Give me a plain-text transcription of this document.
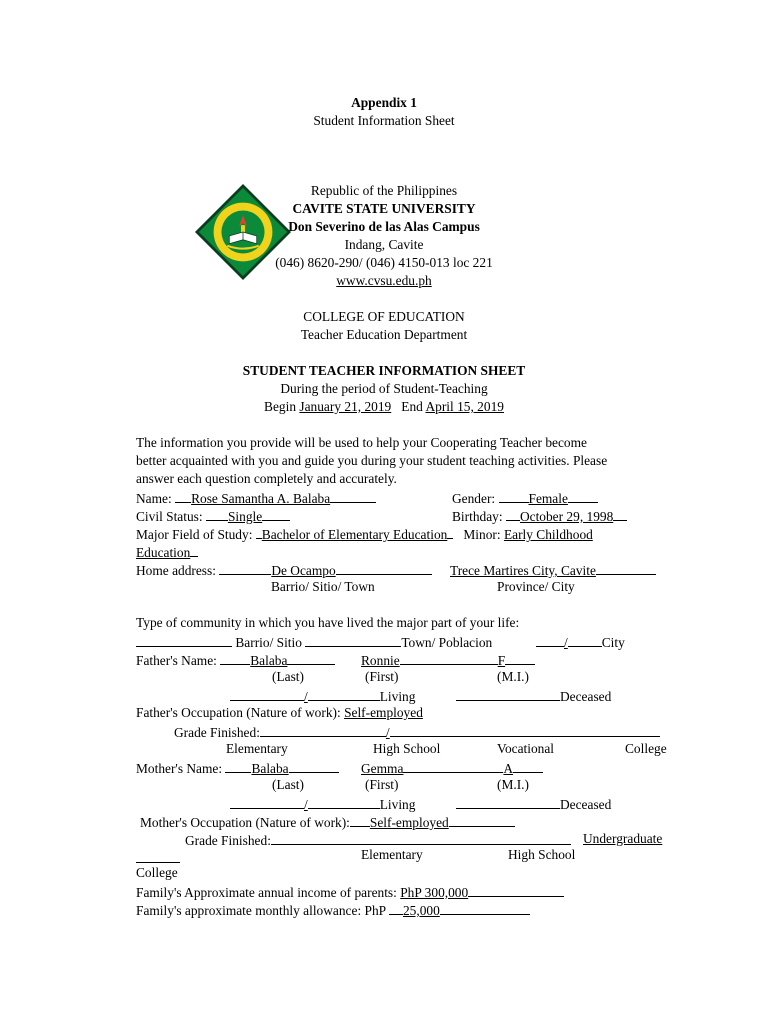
Appendix 1
Student Information Sheet
Republic of the Philippines
CAVITE STATE UNIVERSITY
Don Severino de las Alas Campus
Indang, Cavite
(046) 8620-290/ (046) 4150-013 loc 221
www.cvsu.edu.ph
COLLEGE OF EDUCATION
Teacher Education Department
STUDENT TEACHER INFORMATION SHEET
During the period of Student-Teaching
Begin January 21, 2019 End April 15, 2019
The information you provide will be used to help your Cooperating Teacher become
better acquainted with you and guide you during your student teaching activities. Please
answer each question completely and accurately.
Name: Rose Samantha A. Balaba	Gender: Female
Civil Status: Single	Birthday: October 29, 1998
Major Field of Study: Bachelor of Elementary Education Minor: Early Childhood
Education
Home address:	De Ocampo	Trece Martires City, Cavite
Barrio/ Sitio/ Town	Province/ City
Type of community in which you have lived the major part of your life:
Barrio/ Sitio	Town/ Poblacion	/	City
Father's Name: Balaba	Ronnie	F
(Last)	(First)	(M.I.)
/	Living	Deceased
Father's Occupation (Nature of work): Self-employed
Grade Finished:	/
Elementary	High School	Vocational	College
Mother's Name: Balaba	Gemma	A
(Last)	(First)	(M.I.)
/	Living	Deceased
Mother's Occupation (Nature of work): Self-employed
Grade Finished:	Undergraduate
Elementary	High School
College
Family's Approximate annual income of parents: PhP 300,000
Family's approximate monthly allowance: PhP 25,000
